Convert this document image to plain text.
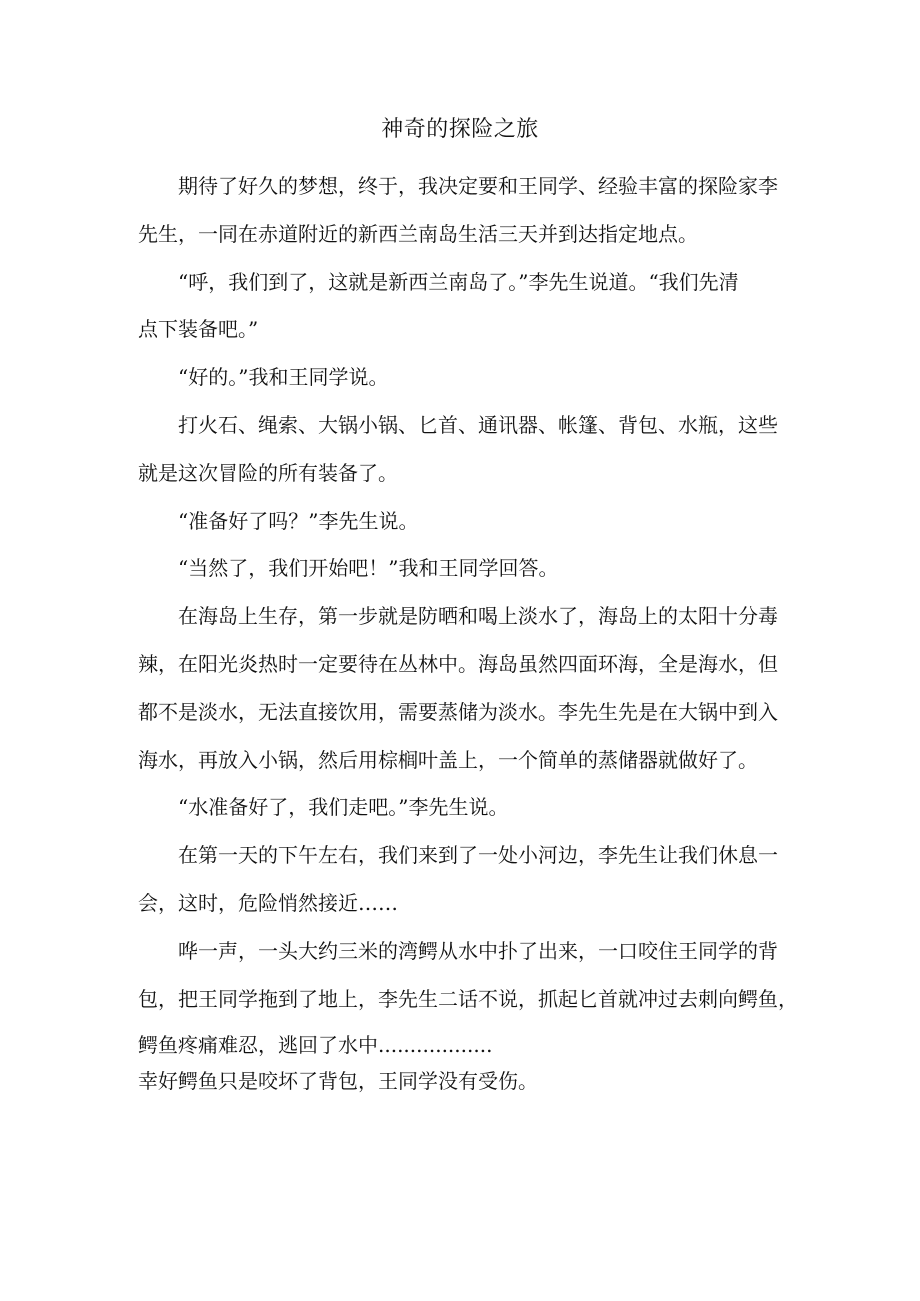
神奇的探险之旅

期待了好久的梦想，终于，我决定要和王同学、经验丰富的探险家李
先生，一同在赤道附近的新西兰南岛生活三天并到达指定地点。

“呼，我们到了，这就是新西兰南岛了。”李先生说道。“我们先清
点下装备吧。”

“好的。”我和王同学说。

打火石、绳索、大锅小锅、匕首、通讯器、帐篷、背包、水瓶，这些
就是这次冒险的所有装备了。

“准备好了吗？”李先生说。

“当然了，我们开始吧！”我和王同学回答。

在海岛上生存，第一步就是防晒和喝上淡水了，海岛上的太阳十分毒
辣，在阳光炎热时一定要待在丛林中。海岛虽然四面环海，全是海水，但
都不是淡水，无法直接饮用，需要蒸储为淡水。李先生先是在大锅中到入
海水，再放入小锅，然后用棕榈叶盖上，一个简单的蒸储器就做好了。

“水准备好了，我们走吧。”李先生说。

在第一天的下午左右，我们来到了一处小河边，李先生让我们休息一
会，这时，危险悄然接近……

哗一声，一头大约三米的湾鳄从水中扑了出来，一口咬住王同学的背
包，把王同学拖到了地上，李先生二话不说，抓起匕首就冲过去刺向鳄鱼，
鳄鱼疼痛难忍，逃回了水中..................

幸好鳄鱼只是咬坏了背包，王同学没有受伤。
